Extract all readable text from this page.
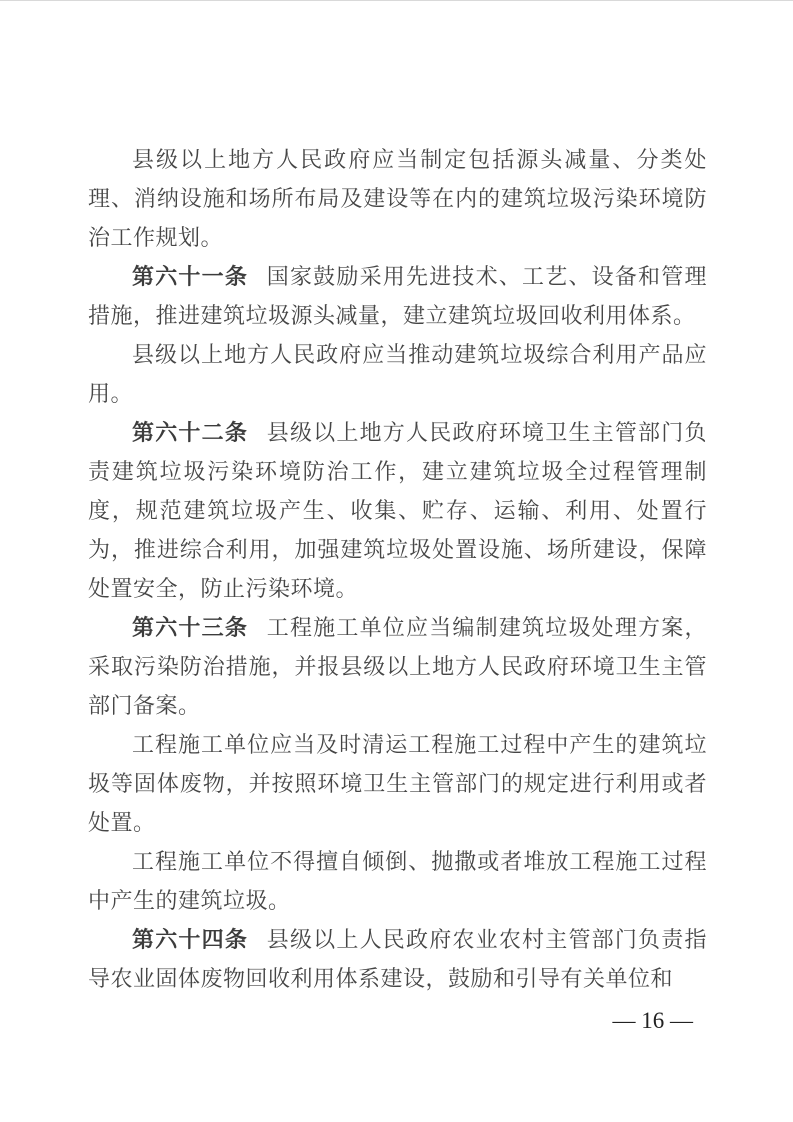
县级以上地方人民政府应当制定包括源头减量、分类处理、消纳设施和场所布局及建设等在内的建筑垃圾污染环境防治工作规划。

第六十一条 国家鼓励采用先进技术、工艺、设备和管理措施，推进建筑垃圾源头减量，建立建筑垃圾回收利用体系。

县级以上地方人民政府应当推动建筑垃圾综合利用产品应用。

第六十二条 县级以上地方人民政府环境卫生主管部门负责建筑垃圾污染环境防治工作，建立建筑垃圾全过程管理制度，规范建筑垃圾产生、收集、贮存、运输、利用、处置行为，推进综合利用，加强建筑垃圾处置设施、场所建设，保障处置安全，防止污染环境。

第六十三条 工程施工单位应当编制建筑垃圾处理方案，采取污染防治措施，并报县级以上地方人民政府环境卫生主管部门备案。

工程施工单位应当及时清运工程施工过程中产生的建筑垃圾等固体废物，并按照环境卫生主管部门的规定进行利用或者处置。

工程施工单位不得擅自倾倒、抛撒或者堆放工程施工过程中产生的建筑垃圾。

第六十四条 县级以上人民政府农业农村主管部门负责指导农业固体废物回收利用体系建设，鼓励和引导有关单位和

— 16 —
